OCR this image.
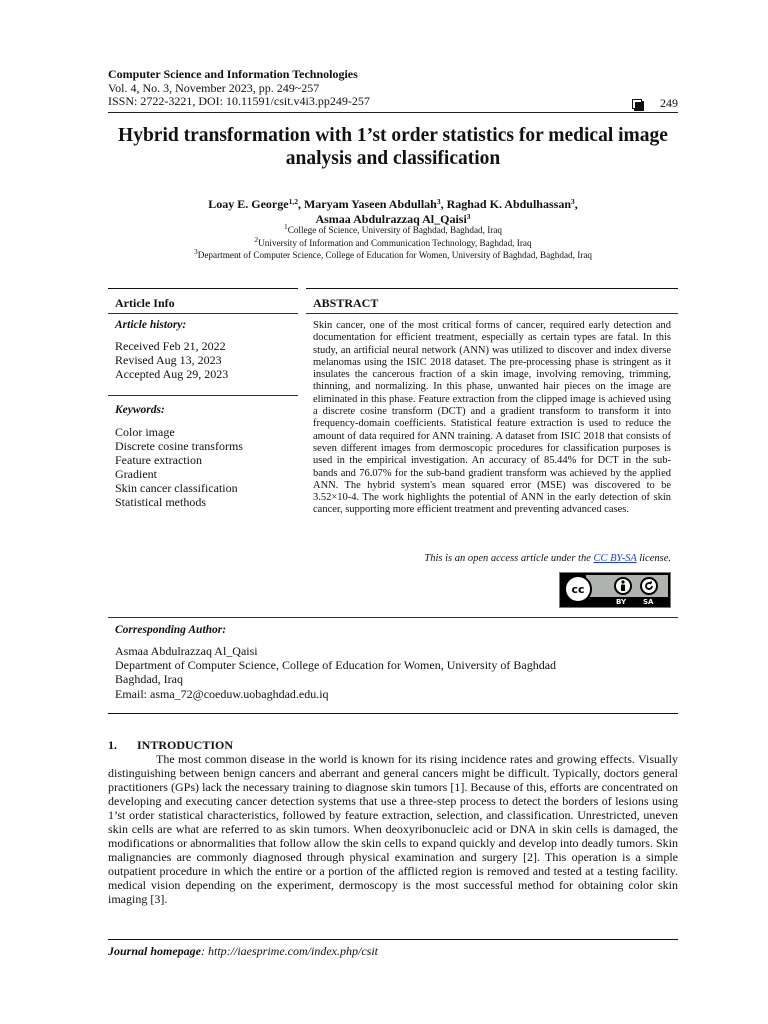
Computer Science and Information Technologies
Vol. 4, No. 3, November 2023, pp. 249~257
ISSN: 2722-3221, DOI: 10.11591/csit.v4i3.pp249-257	249
Hybrid transformation with 1’st order statistics for medical image analysis and classification
Loay E. George$^{1,2}$, Maryam Yaseen Abdullah$^3$, Raghad K. Abdulhassan$^3$,
Asmaa Abdulrazzaq Al_Qaisi$^3$
$^1$College of Science, University of Baghdad, Baghdad, Iraq
$^2$University of Information and Communication Technology, Baghdad, Iraq
$^3$Department of Computer Science, College of Education for Women, University of Baghdad, Baghdad, Iraq
Article Info
Article history:
Received Feb 21, 2022
Revised Aug 13, 2023
Accepted Aug 29, 2023
Keywords:
Color image
Discrete cosine transforms
Feature extraction
Gradient
Skin cancer classification
Statistical methods
ABSTRACT
Skin cancer, one of the most critical forms of cancer, required early detection and documentation for efficient treatment, especially as certain types are fatal. In this study, an artificial neural network (ANN) was utilized to discover and index diverse melanomas using the ISIC 2018 dataset. The pre-processing phase is stringent as it insulates the cancerous fraction of a skin image, involving removing, trimming, thinning, and normalizing. In this phase, unwanted hair pieces on the image are eliminated in this phase. Feature extraction from the clipped image is achieved using a discrete cosine transform (DCT) and a gradient transform to transform it into frequency-domain coefficients. Statistical feature extraction is used to reduce the amount of data required for ANN training. A dataset from ISIC 2018 that consists of seven different images from dermoscopic procedures for classification purposes is used in the empirical investigation. An accuracy of 85.44% for DCT in the sub-bands and 76.07% for the sub-band gradient transform was achieved by the applied ANN. The hybrid system's mean squared error (MSE) was discovered to be 3.52×10-4. The work highlights the potential of ANN in the early detection of skin cancer, supporting more efficient treatment and preventing advanced cases.
This is an open access article under the CC BY-SA license.
cc
BY SA
Corresponding Author:
Asmaa Abdulrazzaq Al_Qaisi
Department of Computer Science, College of Education for Women, University of Baghdad
Baghdad, Iraq
Email: asma_72@coeduw.uobaghdad.edu.iq
1. INTRODUCTION
The most common disease in the world is known for its rising incidence rates and growing effects. Visually distinguishing between benign cancers and aberrant and general cancers might be difficult. Typically, doctors general practitioners (GPs) lack the necessary training to diagnose skin tumors [1]. Because of this, efforts are concentrated on developing and executing cancer detection systems that use a three-step process to detect the borders of lesions using 1’st order statistical characteristics, followed by feature extraction, selection, and classification. Unrestricted, uneven skin cells are what are referred to as skin tumors. When deoxyribonucleic acid or DNA in skin cells is damaged, the modifications or abnormalities that follow allow the skin cells to expand quickly and develop into deadly tumors. Skin malignancies are commonly diagnosed through physical examination and surgery [2]. This operation is a simple outpatient procedure in which the entire or a portion of the afflicted region is removed and tested at a testing facility. medical vision depending on the experiment, dermoscopy is the most successful method for obtaining color skin imaging [3].
Journal homepage: http://iaesprime.com/index.php/csit
